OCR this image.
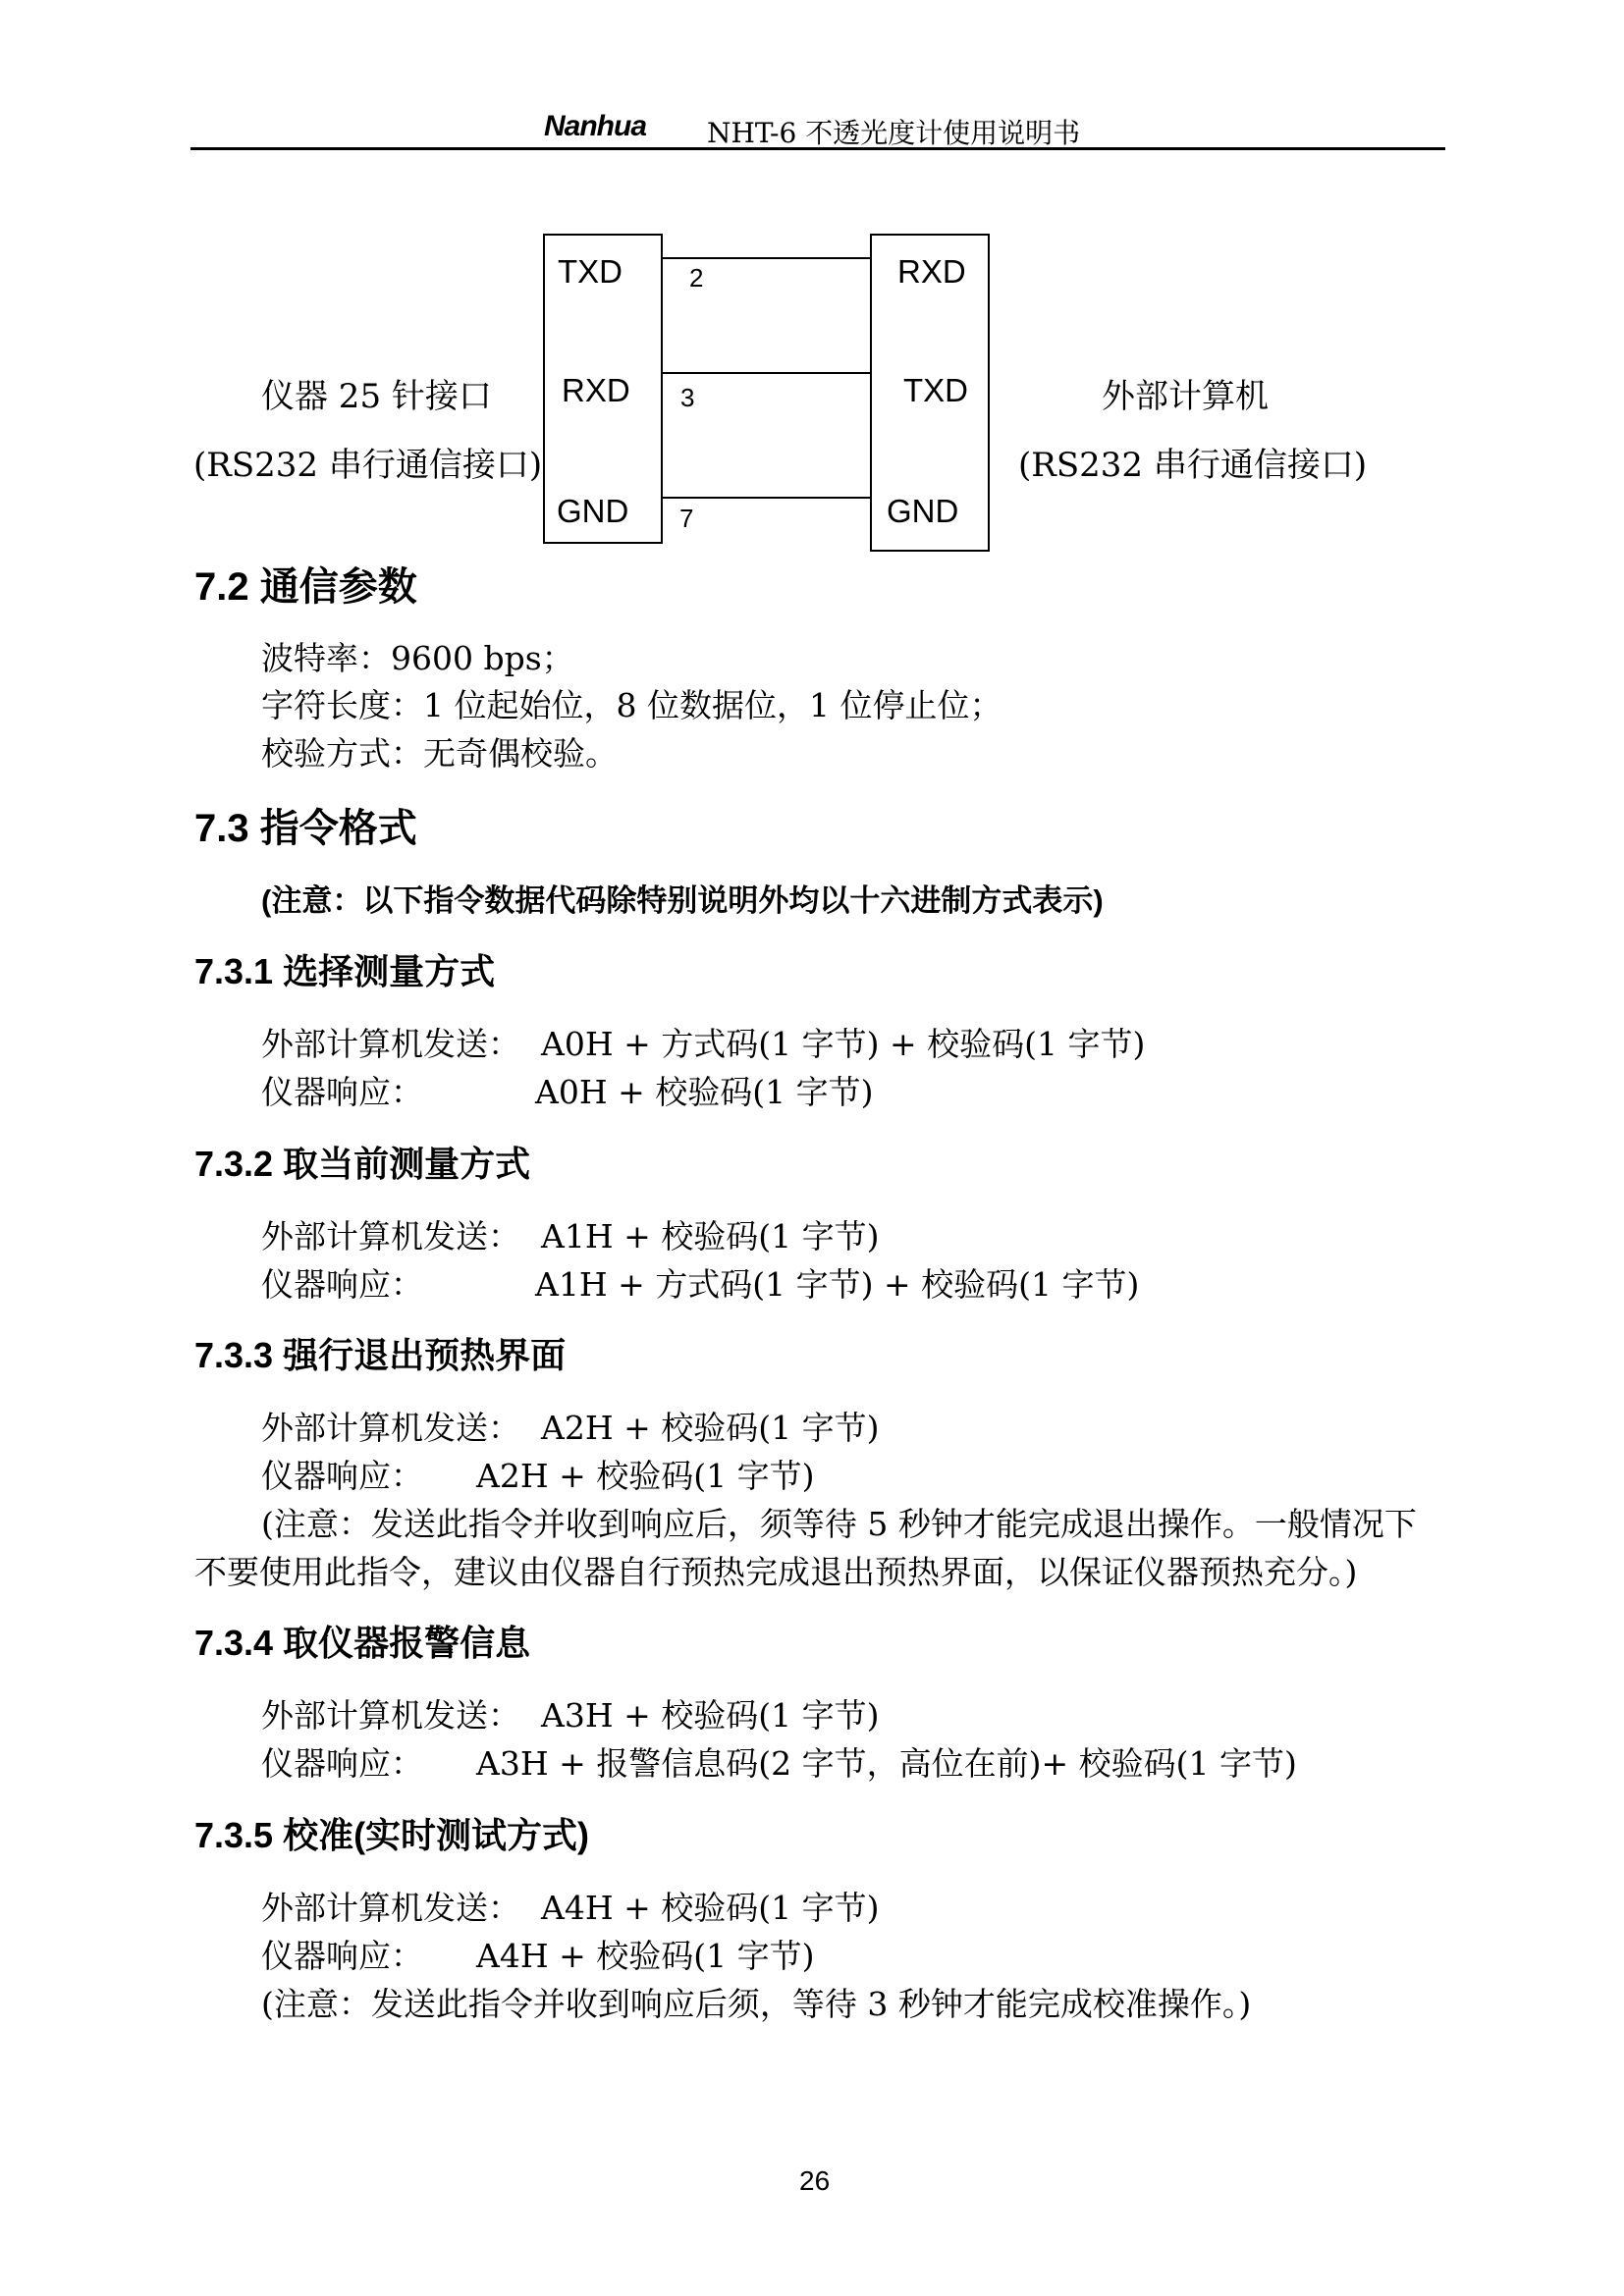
Nanhua NHT-6 不透光度计使用说明书
TXD
RXD
GND
RXD
TXD
GND
2
3
7
仪器 25 针接口
(RS232 串行通信接口)
外部计算机
(RS232 串行通信接口)
7.2 通信参数
波特率：9600 bps；
字符长度：1 位起始位，8 位数据位，1 位停止位；
校验方式：无奇偶校验。
7.3 指令格式
(注意：以下指令数据代码除特别说明外均以十六进制方式表示)
7.3.1 选择测量方式
外部计算机发送： A0H + 方式码(1 字节) + 校验码(1 字节)
仪器响应：	A0H + 校验码(1 字节)
7.3.2 取当前测量方式
外部计算机发送： A1H + 校验码(1 字节)
仪器响应：	A1H + 方式码(1 字节) + 校验码(1 字节)
7.3.3 强行退出预热界面
外部计算机发送： A2H + 校验码(1 字节)
仪器响应： A2H + 校验码(1 字节)
(注意：发送此指令并收到响应后，须等待 5 秒钟才能完成退出操作。一般情况下
不要使用此指令，建议由仪器自行预热完成退出预热界面，以保证仪器预热充分。)
7.3.4 取仪器报警信息
外部计算机发送： A3H + 校验码(1 字节)
仪器响应： A3H + 报警信息码(2 字节，高位在前)+ 校验码(1 字节)
7.3.5 校准(实时测试方式)
外部计算机发送： A4H + 校验码(1 字节)
仪器响应： A4H + 校验码(1 字节)
(注意：发送此指令并收到响应后须，等待 3 秒钟才能完成校准操作。)
26
